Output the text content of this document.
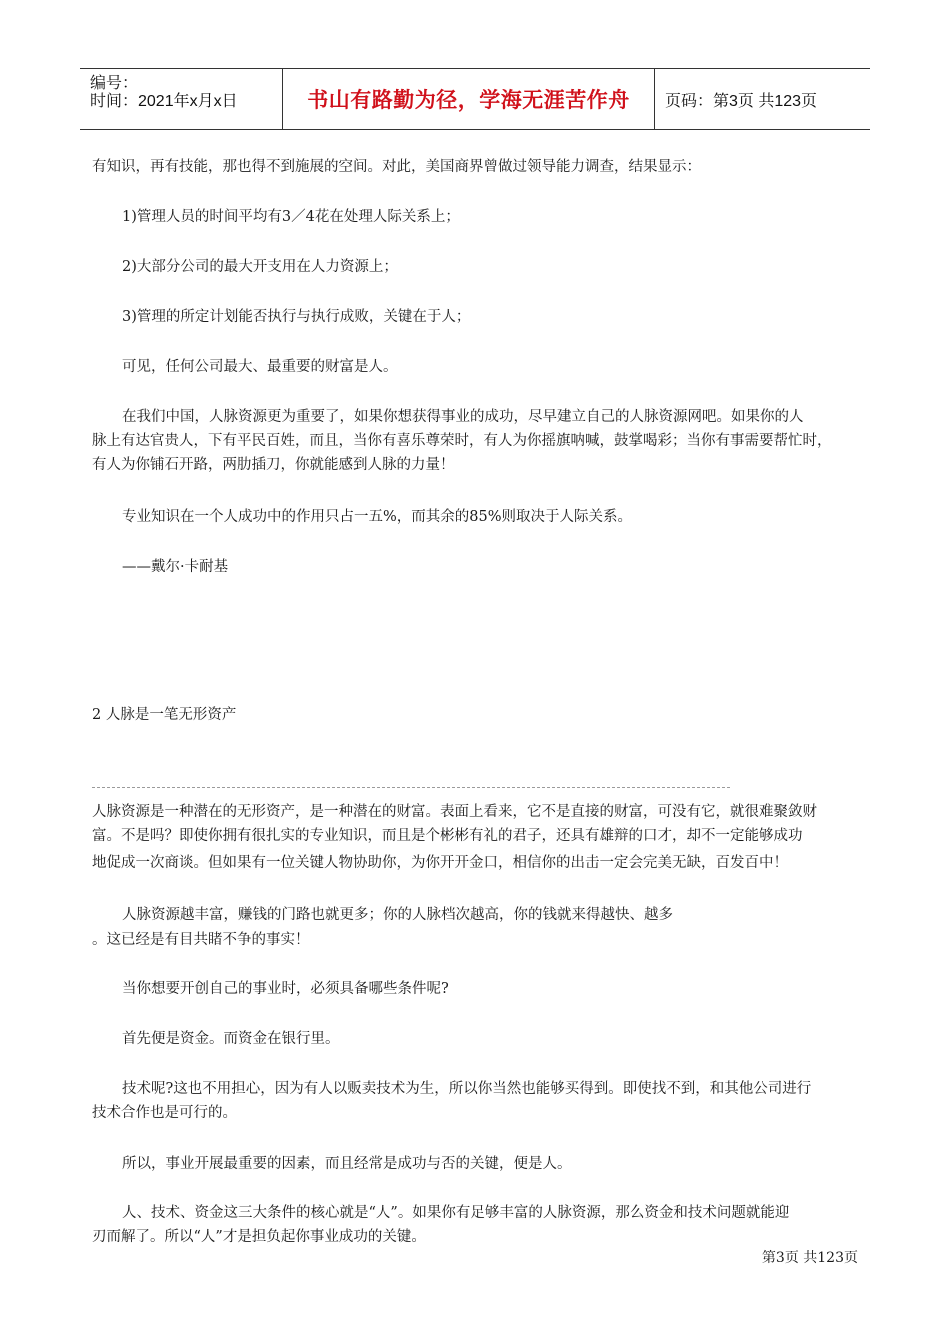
编号：
时间：2021年x月x日	书山有路勤为径，学海无涯苦作舟 页码：第3页 共123页
有知识，再有技能，那也得不到施展的空间。对此，美国商界曾做过领导能力调查，结果显示：
1)管理人员的时间平均有3／4花在处理人际关系上；
2)大部分公司的最大开支用在人力资源上；
3)管理的所定计划能否执行与执行成败，关键在于人；
可见，任何公司最大、最重要的财富是人。
在我们中国，人脉资源更为重要了，如果你想获得事业的成功，尽早建立自己的人脉资源网吧。如果你的人
脉上有达官贵人，下有平民百姓，而且，当你有喜乐尊荣时，有人为你摇旗呐喊，鼓掌喝彩；当你有事需要帮忙时，
有人为你铺石开路，两肋插刀，你就能感到人脉的力量！
专业知识在一个人成功中的作用只占一五%，而其余的85%则取决于人际关系。
——戴尔·卡耐基
2 人脉是一笔无形资产
人脉资源是一种潜在的无形资产，是一种潜在的财富。表面上看来，它不是直接的财富，可没有它，就很难聚敛财
富。不是吗？即使你拥有很扎实的专业知识，而且是个彬彬有礼的君子，还具有雄辩的口才，却不一定能够成功
地促成一次商谈。但如果有一位关键人物协助你，为你开开金口，相信你的出击一定会完美无缺，百发百中！
人脉资源越丰富，赚钱的门路也就更多；你的人脉档次越高，你的钱就来得越快、越多
。这已经是有目共睹不争的事实！
当你想要开创自己的事业时，必须具备哪些条件呢?
首先便是资金。而资金在银行里。
技术呢?这也不用担心，因为有人以贩卖技术为生，所以你当然也能够买得到。即使找不到，和其他公司进行
技术合作也是可行的。
所以，事业开展最重要的因素，而且经常是成功与否的关键，便是人。
人、技术、资金这三大条件的核心就是“人”。如果你有足够丰富的人脉资源，那么资金和技术问题就能迎
刃而解了。所以“人”才是担负起你事业成功的关键。
第3页 共123页
